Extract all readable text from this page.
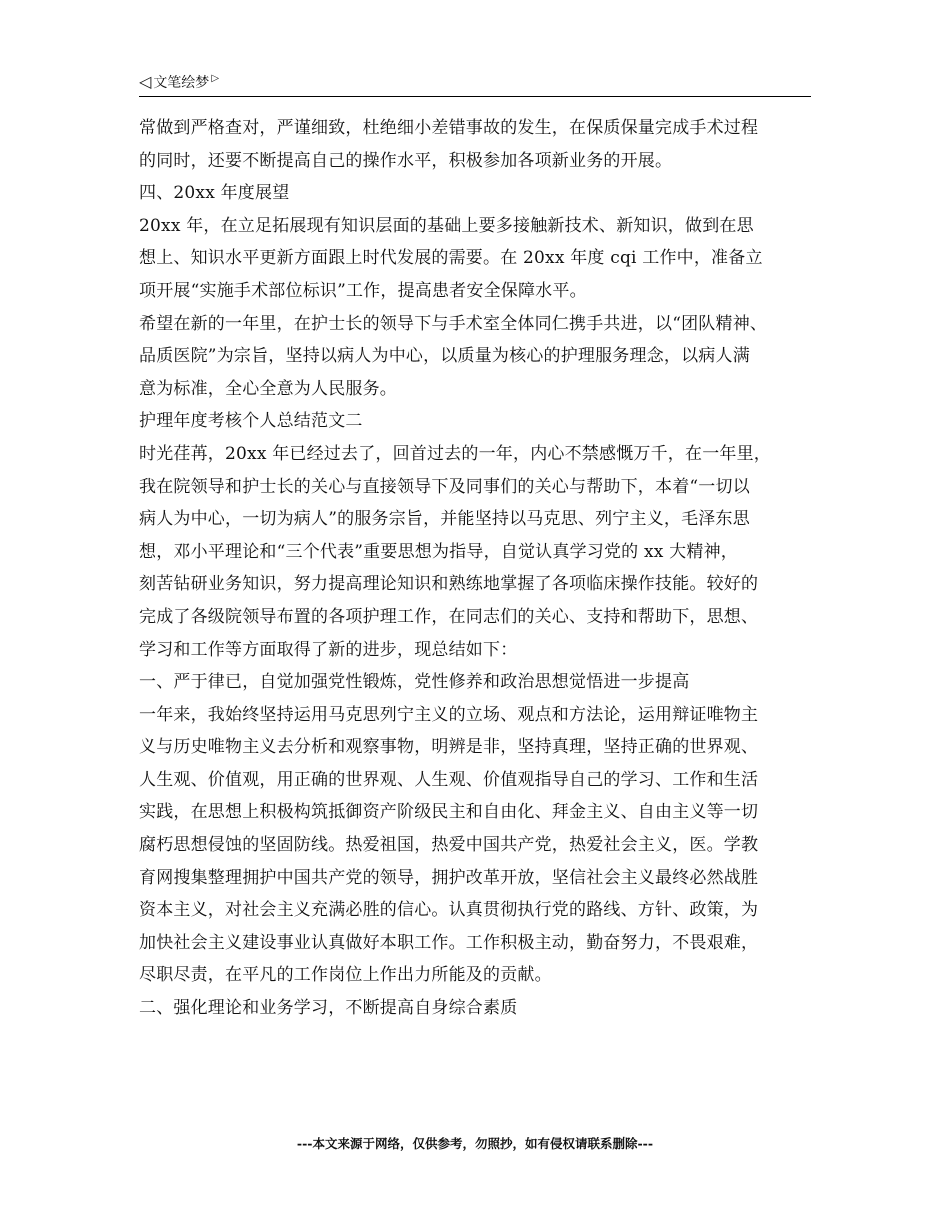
◁ 文笔绘梦 ▷
常做到严格查对，严谨细致，杜绝细小差错事故的发生，在保质保量完成手术过程
的同时，还要不断提高自己的操作水平，积极参加各项新业务的开展。
四、20xx 年度展望
20xx 年，在立足拓展现有知识层面的基础上要多接触新技术、新知识，做到在思
想上、知识水平更新方面跟上时代发展的需要。在 20xx 年度 cqi 工作中，准备立
项开展“实施手术部位标识”工作，提高患者安全保障水平。
希望在新的一年里，在护士长的领导下与手术室全体同仁携手共进，以“团队精神、
品质医院”为宗旨，坚持以病人为中心，以质量为核心的护理服务理念，以病人满
意为标准，全心全意为人民服务。
护理年度考核个人总结范文二
时光荏苒，20xx 年已经过去了，回首过去的一年，内心不禁感慨万千，在一年里，
我在院领导和护士长的关心与直接领导下及同事们的关心与帮助下，本着“一切以
病人为中心，一切为病人”的服务宗旨，并能坚持以马克思、列宁主义，毛泽东思
想，邓小平理论和“三个代表”重要思想为指导，自觉认真学习党的 xx 大精神，
刻苦钻研业务知识，努力提高理论知识和熟练地掌握了各项临床操作技能。较好的
完成了各级院领导布置的各项护理工作，在同志们的关心、支持和帮助下，思想、
学习和工作等方面取得了新的进步，现总结如下：
一、严于律已，自觉加强党性锻炼，党性修养和政治思想觉悟进一步提高
一年来，我始终坚持运用马克思列宁主义的立场、观点和方法论，运用辩证唯物主
义与历史唯物主义去分析和观察事物，明辨是非，坚持真理，坚持正确的世界观、
人生观、价值观，用正确的世界观、人生观、价值观指导自己的学习、工作和生活
实践，在思想上积极构筑抵御资产阶级民主和自由化、拜金主义、自由主义等一切
腐朽思想侵蚀的坚固防线。热爱祖国，热爱中国共产党，热爱社会主义，医。学教
育网搜集整理拥护中国共产党的领导，拥护改革开放，坚信社会主义最终必然战胜
资本主义，对社会主义充满必胜的信心。认真贯彻执行党的路线、方针、政策，为
加快社会主义建设事业认真做好本职工作。工作积极主动，勤奋努力，不畏艰难，
尽职尽责，在平凡的工作岗位上作出力所能及的贡献。
二、强化理论和业务学习，不断提高自身综合素质
---本文来源于网络，仅供参考，勿照抄，如有侵权请联系删除---
